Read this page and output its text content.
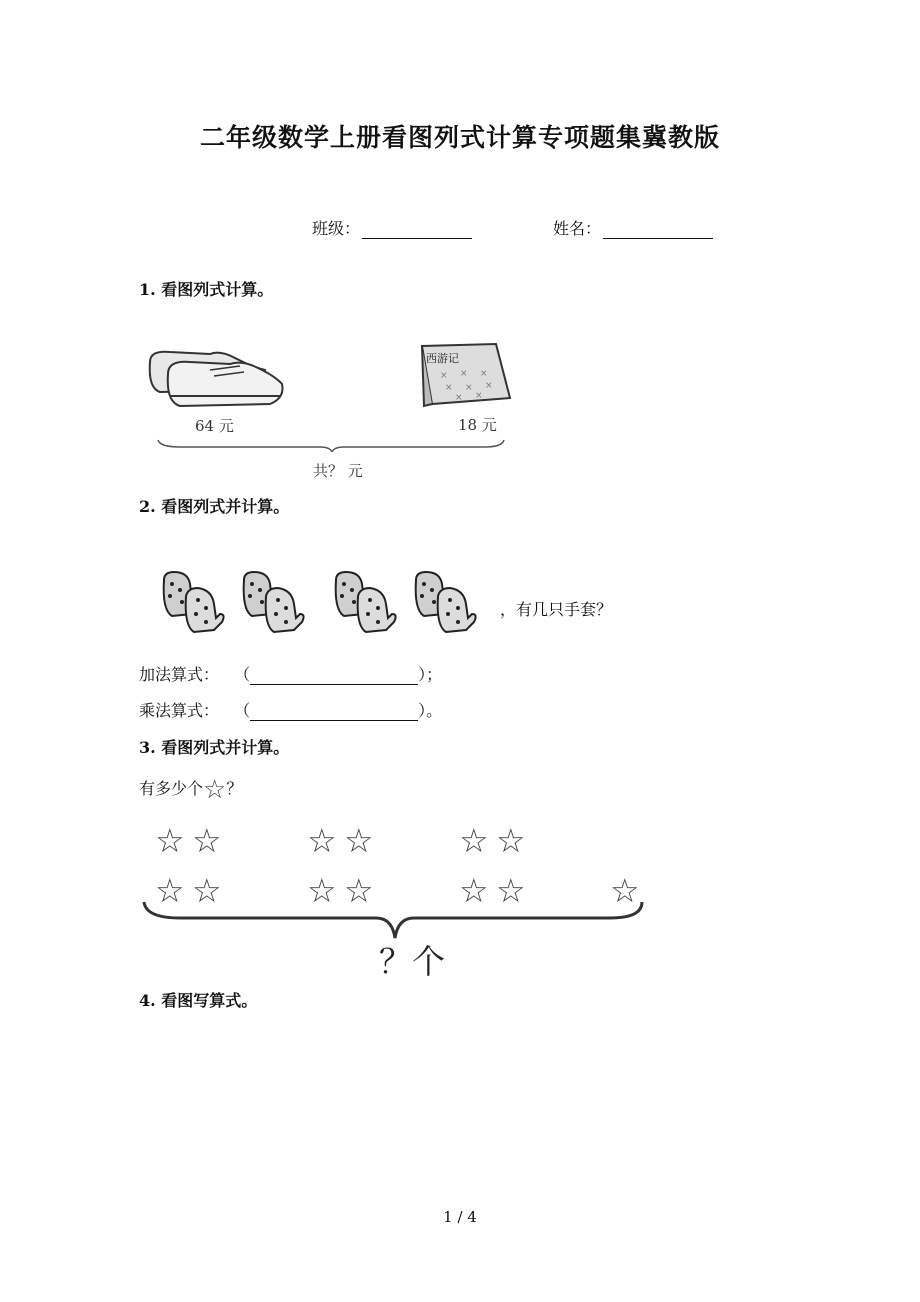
二年级数学上册看图列式计算专项题集冀教版
班级：	姓名：
1. 看图列式计算。
西游记
× × ×
× × ×
× ×
64 元	18 元
共？ 元
2. 看图列式并计算。
，有几只手套？
加法算式： （	）；
乘法算式： （	）。
3. 看图列式并计算。
有多少个☆？
☆ ☆	☆ ☆	☆ ☆
☆ ☆	☆ ☆	☆ ☆	☆
？个
4. 看图写算式。
1 / 4
